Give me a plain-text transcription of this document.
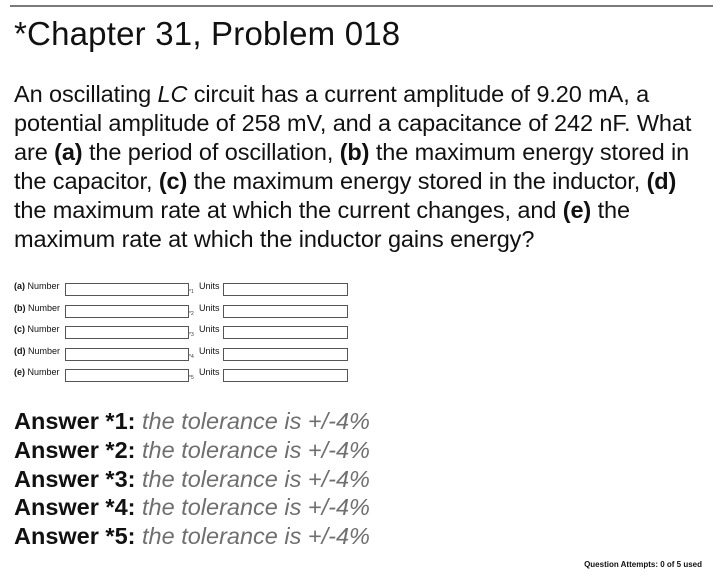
*Chapter 31, Problem 018
An oscillating LC circuit has a current amplitude of 9.20 mA, a potential amplitude of 258 mV, and a capacitance of 242 nF. What are (a) the period of oscillation, (b) the maximum energy stored in the capacitor, (c) the maximum energy stored in the inductor, (d) the maximum rate at which the current changes, and (e) the maximum rate at which the inductor gains energy?
(a) Number
*1
Units
(b) Number
*2
Units
(c) Number
*3
Units
(d) Number
*4
Units
(e) Number
*5
Units
Answer *1: the tolerance is +/-4%
Answer *2: the tolerance is +/-4%
Answer *3: the tolerance is +/-4%
Answer *4: the tolerance is +/-4%
Answer *5: the tolerance is +/-4%
Question Attempts: 0 of 5 used
